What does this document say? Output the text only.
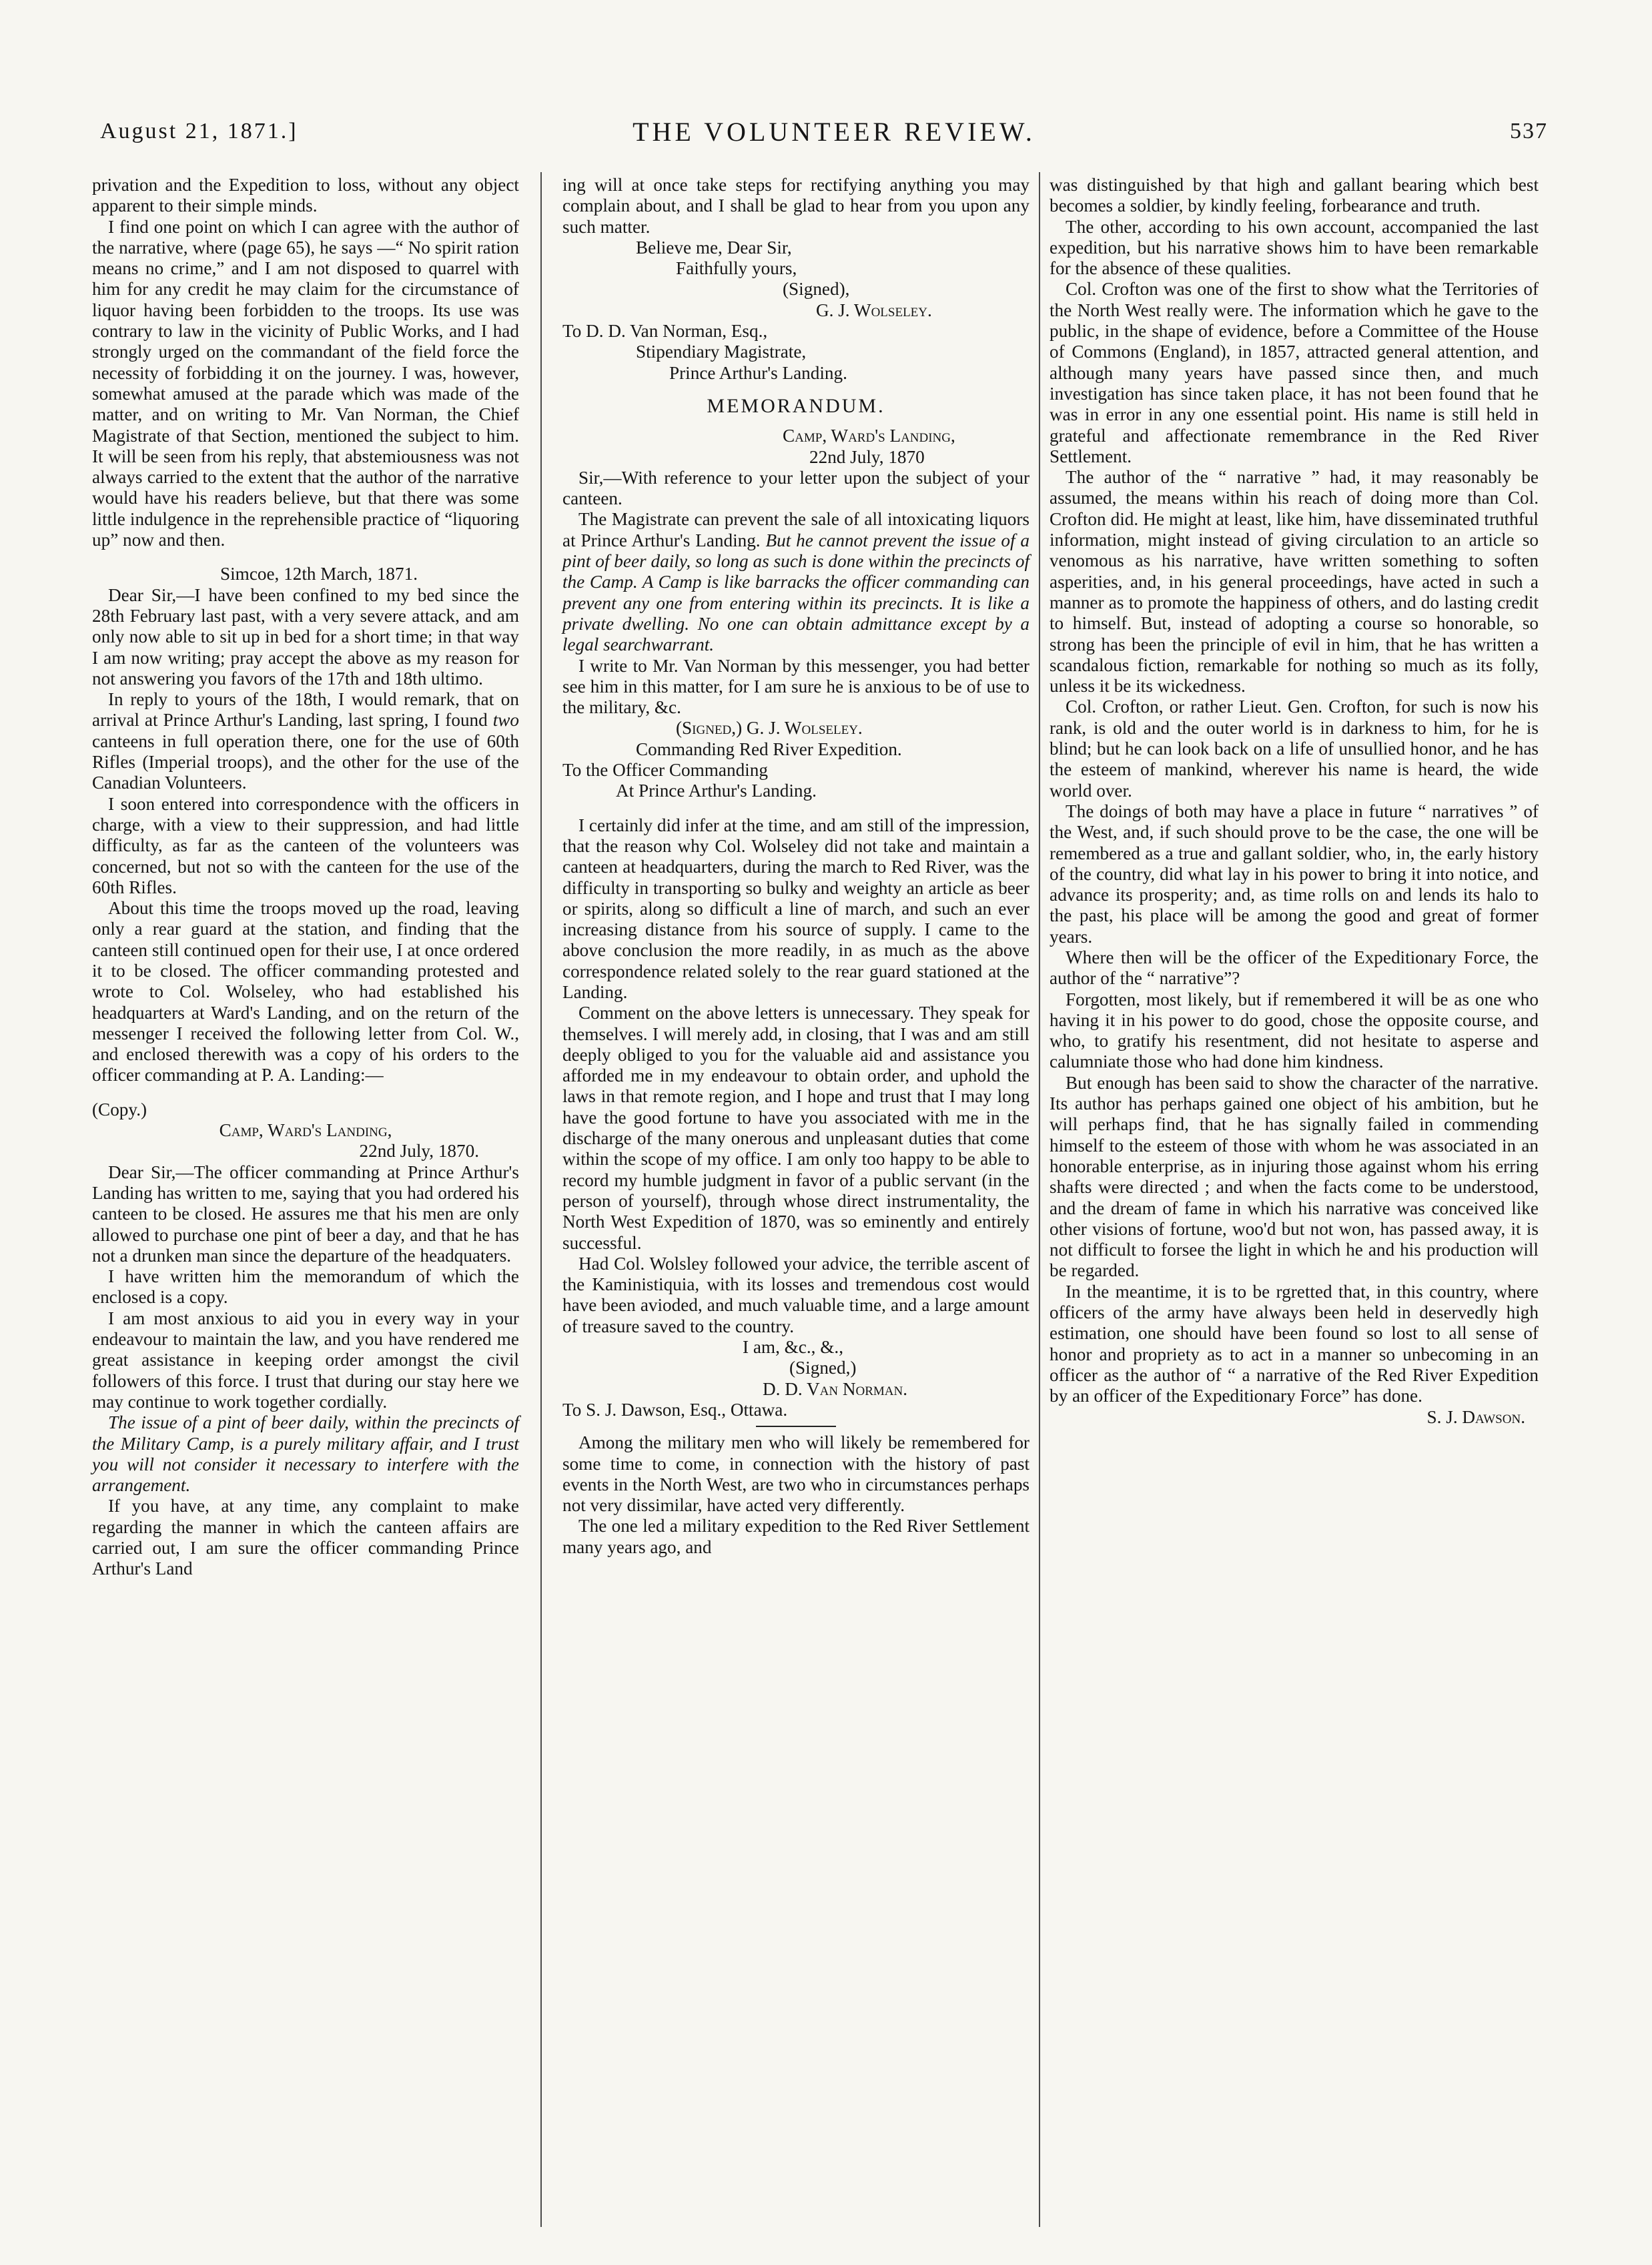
August 21, 1871.]	THE VOLUNTEER REVIEW.	537

privation and the Expedition to loss, without any object apparent to their simple minds.

I find one point on which I can agree with the author of the narrative, where (page 65), he says —“ No spirit ration means no crime,” and I am not disposed to quarrel with him for any credit he may claim for the circumstance of liquor having been forbidden to the troops. Its use was contrary to law in the vicinity of Public Works, and I had strongly urged on the commandant of the field force the necessity of forbidding it on the journey. I was, however, somewhat amused at the parade which was made of the matter, and on writing to Mr. Van Norman, the Chief Magistrate of that Section, mentioned the subject to him. It will be seen from his reply, that abstemiousness was not always carried to the extent that the author of the narrative would have his readers believe, but that there was some little indulgence in the reprehensible practice of “liquoring up” now and then.

Simcoe, 12th March, 1871.

Dear Sir,—I have been confined to my bed since the 28th February last past, with a very severe attack, and am only now able to sit up in bed for a short time; in that way I am now writing; pray accept the above as my reason for not answering you favors of the 17th and 18th ultimo.

In reply to yours of the 18th, I would remark, that on arrival at Prince Arthur's Landing, last spring, I found two canteens in full operation there, one for the use of 60th Rifles (Imperial troops), and the other for the use of the Canadian Volunteers.

I soon entered into correspondence with the officers in charge, with a view to their suppression, and had little difficulty, as far as the canteen of the volunteers was concerned, but not so with the canteen for the use of the 60th Rifles.

About this time the troops moved up the road, leaving only a rear guard at the station, and finding that the canteen still continued open for their use, I at once ordered it to be closed. The officer commanding protested and wrote to Col. Wolseley, who had established his headquarters at Ward's Landing, and on the return of the messenger I received the following letter from Col. W., and enclosed therewith was a copy of his orders to the officer commanding at P. A. Landing:—

(Copy.)

Camp, Ward's Landing,

22nd July, 1870.

Dear Sir,—The officer commanding at Prince Arthur's Landing has written to me, saying that you had ordered his canteen to be closed. He assures me that his men are only allowed to purchase one pint of beer a day, and that he has not a drunken man since the departure of the headquaters.

I have written him the memorandum of which the enclosed is a copy.

I am most anxious to aid you in every way in your endeavour to maintain the law, and you have rendered me great assistance in keeping order amongst the civil followers of this force. I trust that during our stay here we may continue to work together cordially.

The issue of a pint of beer daily, within the precincts of the Military Camp, is a purely military affair, and I trust you will not consider it necessary to interfere with the arrangement.

If you have, at any time, any complaint to make regarding the manner in which the canteen affairs are carried out, I am sure the officer commanding Prince Arthur's Land

ing will at once take steps for rectifying anything you may complain about, and I shall be glad to hear from you upon any such matter.

Believe me, Dear Sir,

Faithfully yours,

(Signed),

G. J. Wolseley.

To D. D. Van Norman, Esq.,

Stipendiary Magistrate,

Prince Arthur's Landing.

MEMORANDUM.

Camp, Ward's Landing,

22nd July, 1870

Sir,—With reference to your letter upon the subject of your canteen.

The Magistrate can prevent the sale of all intoxicating liquors at Prince Arthur's Landing. But he cannot prevent the issue of a pint of beer daily, so long as such is done within the precincts of the Camp. A Camp is like barracks the officer commanding can prevent any one from entering within its precincts. It is like a private dwelling. No one can obtain admittance except by a legal searchwarrant.

I write to Mr. Van Norman by this messenger, you had better see him in this matter, for I am sure he is anxious to be of use to the military, &c.

(Signed,) G. J. Wolseley.

Commanding Red River Expedition.

To the Officer Commanding

At Prince Arthur's Landing.

I certainly did infer at the time, and am still of the impression, that the reason why Col. Wolseley did not take and maintain a canteen at headquarters, during the march to Red River, was the difficulty in transporting so bulky and weighty an article as beer or spirits, along so difficult a line of march, and such an ever increasing distance from his source of supply. I came to the above conclusion the more readily, in as much as the above correspondence related solely to the rear guard stationed at the Landing.

Comment on the above letters is unnecessary. They speak for themselves. I will merely add, in closing, that I was and am still deeply obliged to you for the valuable aid and assistance you afforded me in my endeavour to obtain order, and uphold the laws in that remote region, and I hope and trust that I may long have the good fortune to have you associated with me in the discharge of the many onerous and unpleasant duties that come within the scope of my office. I am only too happy to be able to record my humble judgment in favor of a public servant (in the person of yourself), through whose direct instrumentality, the North West Expedition of 1870, was so eminently and entirely successful.

Had Col. Wolsley followed your advice, the terrible ascent of the Kaministiquia, with its losses and tremendous cost would have been avioded, and much valuable time, and a large amount of treasure saved to the country.

I am, &c., &.,

(Signed,)

D. D. Van Norman.

To S. J. Dawson, Esq., Ottawa.

Among the military men who will likely be remembered for some time to come, in connection with the history of past events in the North West, are two who in circumstances perhaps not very dissimilar, have acted very differently.

The one led a military expedition to the Red River Settlement many years ago, and

was distinguished by that high and gallant bearing which best becomes a soldier, by kindly feeling, forbearance and truth.

The other, according to his own account, accompanied the last expedition, but his narrative shows him to have been remarkable for the absence of these qualities.

Col. Crofton was one of the first to show what the Territories of the North West really were. The information which he gave to the public, in the shape of evidence, before a Committee of the House of Commons (England), in 1857, attracted general attention, and although many years have passed since then, and much investigation has since taken place, it has not been found that he was in error in any one essential point. His name is still held in grateful and affectionate remembrance in the Red River Settlement.

The author of the “ narrative ” had, it may reasonably be assumed, the means within his reach of doing more than Col. Crofton did. He might at least, like him, have disseminated truthful information, might instead of giving circulation to an article so venomous as his narrative, have written something to soften asperities, and, in his general proceedings, have acted in such a manner as to promote the happiness of others, and do lasting credit to himself. But, instead of adopting a course so honorable, so strong has been the principle of evil in him, that he has written a scandalous fiction, remarkable for nothing so much as its folly, unless it be its wickedness.

Col. Crofton, or rather Lieut. Gen. Crofton, for such is now his rank, is old and the outer world is in darkness to him, for he is blind; but he can look back on a life of unsullied honor, and he has the esteem of mankind, wherever his name is heard, the wide world over.

The doings of both may have a place in future “ narratives ” of the West, and, if such should prove to be the case, the one will be remembered as a true and gallant soldier, who, in, the early history of the country, did what lay in his power to bring it into notice, and advance its prosperity; and, as time rolls on and lends its halo to the past, his place will be among the good and great of former years.

Where then will be the officer of the Expeditionary Force, the author of the “ narrative”?

Forgotten, most likely, but if remembered it will be as one who having it in his power to do good, chose the opposite course, and who, to gratify his resentment, did not hesitate to asperse and calumniate those who had done him kindness.

But enough has been said to show the character of the narrative. Its author has perhaps gained one object of his ambition, but he will perhaps find, that he has signally failed in commending himself to the esteem of those with whom he was associated in an honorable enterprise, as in injuring those against whom his erring shafts were directed ; and when the facts come to be understood, and the dream of fame in which his narrative was conceived like other visions of fortune, woo'd but not won, has passed away, it is not difficult to forsee the light in which he and his production will be regarded.

In the meantime, it is to be rgretted that, in this country, where officers of the army have always been held in deservedly high estimation, one should have been found so lost to all sense of honor and propriety as to act in a manner so unbecoming in an officer as the author of “ a narrative of the Red River Expedition by an officer of the Expeditionary Force” has done.

S. J. Dawson.
